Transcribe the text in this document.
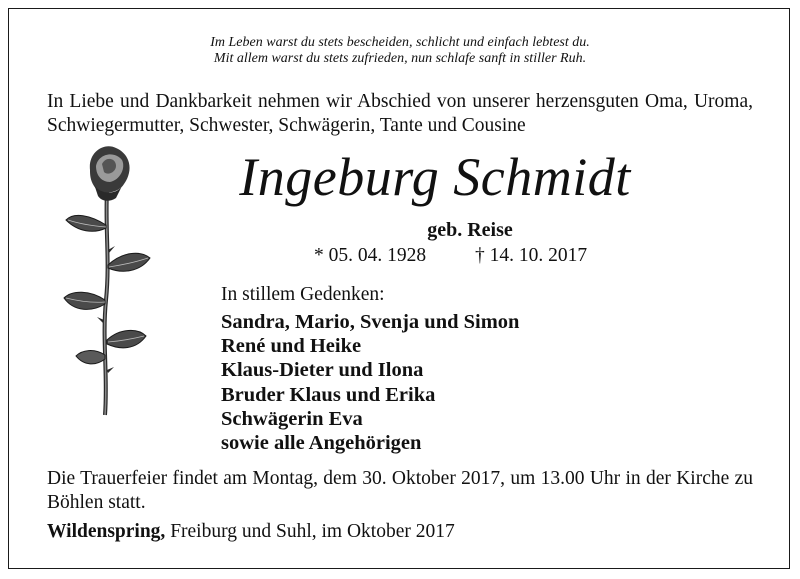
Im Leben warst du stets bescheiden, schlicht und einfach lebtest du.
Mit allem warst du stets zufrieden, nun schlafe sanft in stiller Ruh.
In Liebe und Dankbarkeit nehmen wir Abschied von unserer herzensguten Oma, Uroma, Schwiegermutter, Schwester, Schwägerin, Tante und Cousine
Ingeburg Schmidt
geb. Reise
* 05. 04. 1928	† 14. 10. 2017
In stillem Gedenken:
Sandra, Mario, Svenja und Simon
René und Heike
Klaus-Dieter und Ilona
Bruder Klaus und Erika
Schwägerin Eva
sowie alle Angehörigen
Die Trauerfeier findet am Montag, dem 30. Oktober 2017, um 13.00 Uhr in der Kirche zu Böhlen statt.
Wildenspring, Freiburg und Suhl, im Oktober 2017
